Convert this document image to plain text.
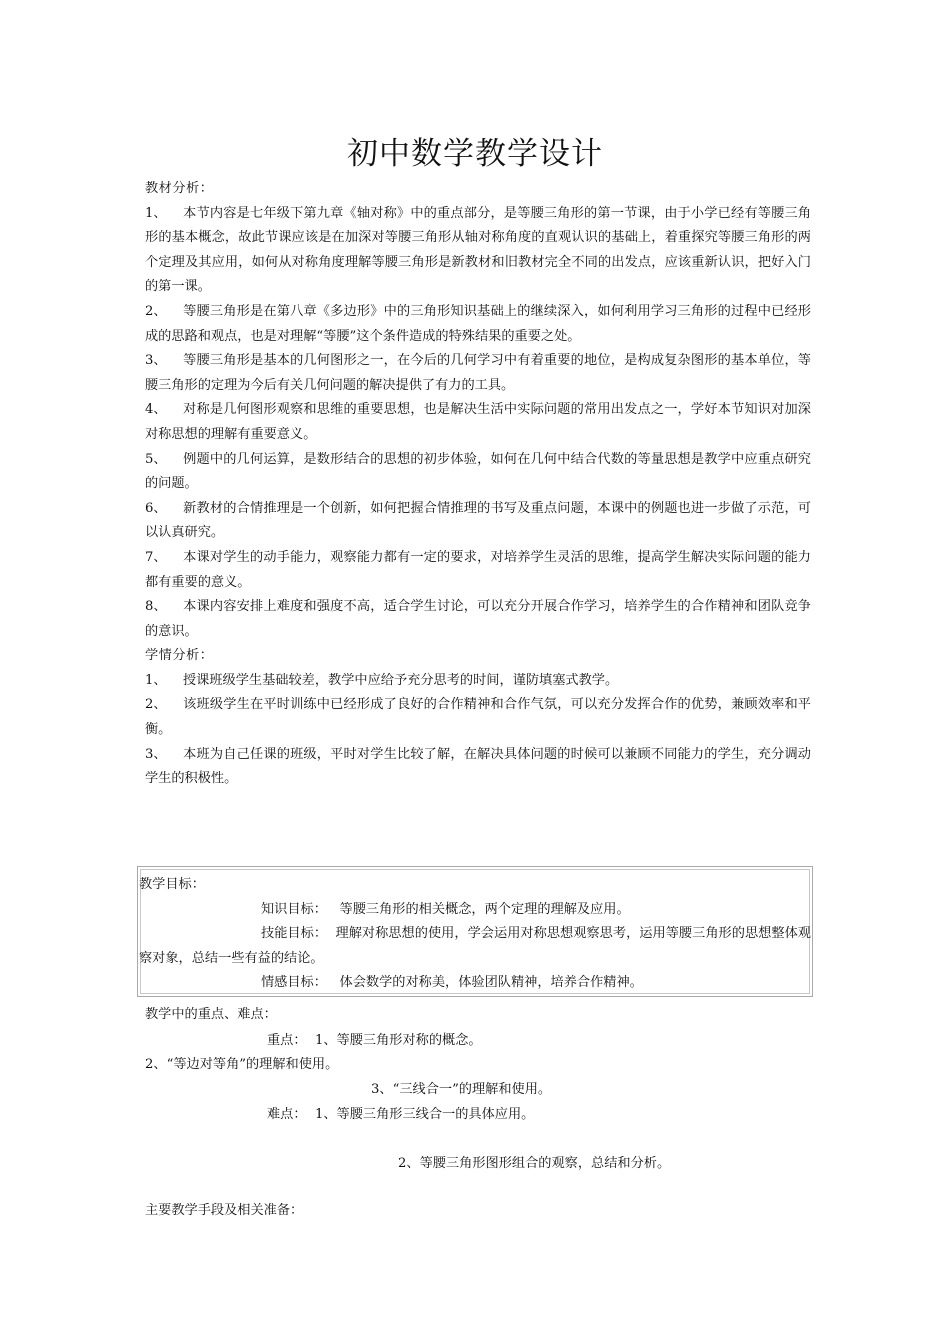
初中数学教学设计

教材分析：

1、 本节内容是七年级下第九章《轴对称》中的重点部分，是等腰三角形的第一节课，由于小学已经有等腰三角形的基本概念，故此节课应该是在加深对等腰三角形从轴对称角度的直观认识的基础上，着重探究等腰三角形的两个定理及其应用，如何从对称角度理解等腰三角形是新教材和旧教材完全不同的出发点，应该重新认识，把好入门的第一课。

2、 等腰三角形是在第八章《多边形》中的三角形知识基础上的继续深入，如何利用学习三角形的过程中已经形成的思路和观点，也是对理解“等腰”这个条件造成的特殊结果的重要之处。

3、 等腰三角形是基本的几何图形之一，在今后的几何学习中有着重要的地位，是构成复杂图形的基本单位，等腰三角形的定理为今后有关几何问题的解决提供了有力的工具。

4、 对称是几何图形观察和思维的重要思想，也是解决生活中实际问题的常用出发点之一，学好本节知识对加深对称思想的理解有重要意义。

5、 例题中的几何运算，是数形结合的思想的初步体验，如何在几何中结合代数的等量思想是教学中应重点研究的问题。

6、 新教材的合情推理是一个创新，如何把握合情推理的书写及重点问题，本课中的例题也进一步做了示范，可以认真研究。

7、 本课对学生的动手能力，观察能力都有一定的要求，对培养学生灵活的思维，提高学生解决实际问题的能力都有重要的意义。

8、 本课内容安排上难度和强度不高，适合学生讨论，可以充分开展合作学习，培养学生的合作精神和团队竞争的意识。

学情分析：

1、 授课班级学生基础较差，教学中应给予充分思考的时间，谨防填塞式教学。

2、 该班级学生在平时训练中已经形成了良好的合作精神和合作气氛，可以充分发挥合作的优势，兼顾效率和平衡。

3、 本班为自己任课的班级，平时对学生比较了解，在解决具体问题的时候可以兼顾不同能力的学生，充分调动学生的积极性。

教学目标：

知识目标： 等腰三角形的相关概念，两个定理的理解及应用。

技能目标： 理解对称思想的使用，学会运用对称思想观察思考，运用等腰三角形的思想整体观察对象，总结一些有益的结论。

情感目标： 体会数学的对称美，体验团队精神，培养合作精神。

教学中的重点、难点：
重点： 1、等腰三角形对称的概念。
2、“等边对等角”的理解和使用。
3、“三线合一”的理解和使用。
难点： 1、等腰三角形三线合一的具体应用。
2、等腰三角形图形组合的观察，总结和分析。
主要教学手段及相关准备：
